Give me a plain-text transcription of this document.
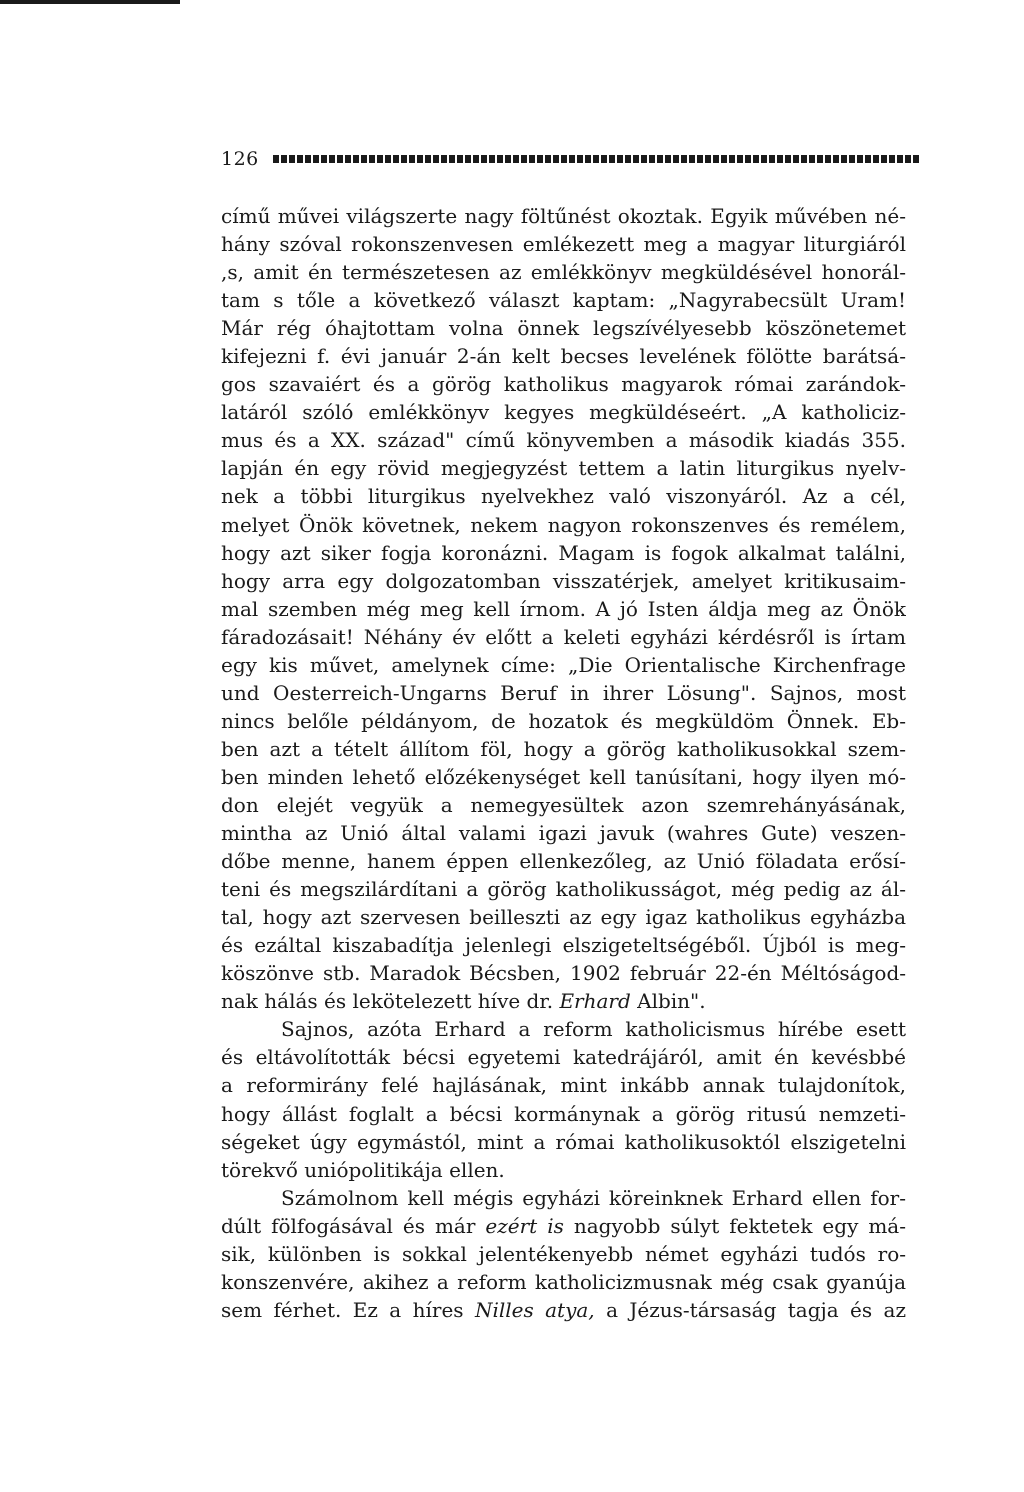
126
című művei világszerte nagy föltűnést okoztak. Egyik művében né-
hány szóval rokonszenvesen emlékezett meg a magyar liturgiáról
,s, amit én természetesen az emlékkönyv megküldésével honorál-
tam s tőle a következő választ kaptam: „Nagyrabecsült Uram!
Már rég óhajtottam volna önnek legszívélyesebb köszönetemet
kifejezni f. évi január 2-án kelt becses levelének fölötte barátsá-
gos szavaiért és a görög katholikus magyarok római zarándok-
latáról szóló emlékkönyv kegyes megküldéseért. „A katholiciz-
mus és a XX. század" című könyvemben a második kiadás 355.
lapján én egy rövid megjegyzést tettem a latin liturgikus nyelv-
nek a többi liturgikus nyelvekhez való viszonyáról. Az a cél,
melyet Önök követnek, nekem nagyon rokonszenves és remélem,
hogy azt siker fogja koronázni. Magam is fogok alkalmat találni,
hogy arra egy dolgozatomban visszatérjek, amelyet kritikusaim-
mal szemben még meg kell írnom. A jó Isten áldja meg az Önök
fáradozásait! Néhány év előtt a keleti egyházi kérdésről is írtam
egy kis művet, amelynek címe: „Die Orientalische Kirchenfrage
und Oesterreich-Ungarns Beruf in ihrer Lösung". Sajnos, most
nincs belőle példányom, de hozatok és megküldöm Önnek. Eb-
ben azt a tételt állítom föl, hogy a görög katholikusokkal szem-
ben minden lehető előzékenységet kell tanúsítani, hogy ilyen mó-
don elejét vegyük a nemegyesültek azon szemrehányásának,
mintha az Unió által valami igazi javuk (wahres Gute) veszen-
dőbe menne, hanem éppen ellenkezőleg, az Unió föladata erősí-
teni és megszilárdítani a görög katholikusságot, még pedig az ál-
tal, hogy azt szervesen beilleszti az egy igaz katholikus egyházba
és ezáltal kiszabadítja jelenlegi elszigeteltségéből. Újból is meg-
köszönve stb. Maradok Bécsben, 1902 február 22-én Méltóságod-
nak hálás és lekötelezett híve dr. Erhard Albin".
Sajnos, azóta Erhard a reform katholicismus hírébe esett
és eltávolították bécsi egyetemi katedrájáról, amit én kevésbbé
a reformirány felé hajlásának, mint inkább annak tulajdonítok,
hogy állást foglalt a bécsi kormánynak a görög ritusú nemzeti-
ségeket úgy egymástól, mint a római katholikusoktól elszigetelni
törekvő uniópolitikája ellen.
Számolnom kell mégis egyházi köreinknek Erhard ellen for-
dúlt fölfogásával és már ezért is nagyobb súlyt fektetek egy má-
sik, különben is sokkal jelentékenyebb német egyházi tudós ro-
konszenvére, akihez a reform katholicizmusnak még csak gyanúja
sem férhet. Ez a híres Nilles atya, a Jézus-társaság tagja és az
